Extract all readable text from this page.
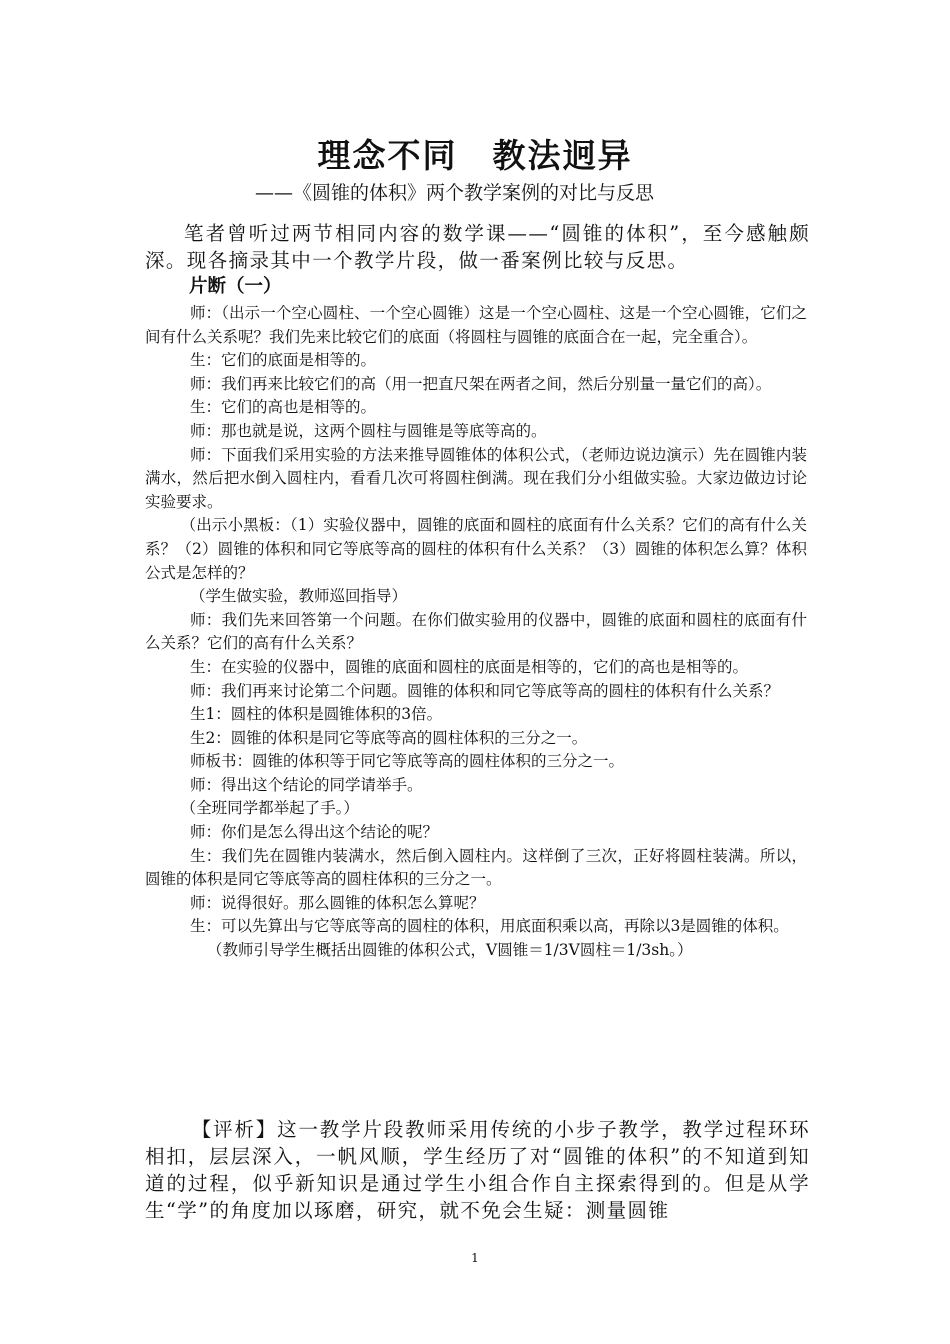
理念不同　教法迥异
——《圆锥的体积》两个教学案例的对比与反思
笔者曾听过两节相同内容的数学课——“圆锥的体积”，至今感触颇深。现各摘录其中一个教学片段，做一番案例比较与反思。
片断（一）

师：（出示一个空心圆柱、一个空心圆锥）这是一个空心圆柱、这是一个空心圆锥，它们之间有什么关系呢？我们先来比较它们的底面（将圆柱与圆锥的底面合在一起，完全重合）。

生：它们的底面是相等的。

师：我们再来比较它们的高（用一把直尺架在两者之间，然后分别量一量它们的高）。

生：它们的高也是相等的。

师：那也就是说，这两个圆柱与圆锥是等底等高的。

师：下面我们采用实验的方法来推导圆锥体的体积公式，（老师边说边演示）先在圆锥内装满水，然后把水倒入圆柱内，看看几次可将圆柱倒满。现在我们分小组做实验。大家边做边讨论实验要求。

（出示小黑板：（1）实验仪器中，圆锥的底面和圆柱的底面有什么关系？它们的高有什么关系？（2）圆锥的体积和同它等底等高的圆柱的体积有什么关系？（3）圆锥的体积怎么算？体积公式是怎样的？

（学生做实验，教师巡回指导）

师：我们先来回答第一个问题。在你们做实验用的仪器中，圆锥的底面和圆柱的底面有什么关系？它们的高有什么关系？

生：在实验的仪器中，圆锥的底面和圆柱的底面是相等的，它们的高也是相等的。

师：我们再来讨论第二个问题。圆锥的体积和同它等底等高的圆柱的体积有什么关系？

生1：圆柱的体积是圆锥体积的3倍。

生2：圆锥的体积是同它等底等高的圆柱体积的三分之一。

师板书：圆锥的体积等于同它等底等高的圆柱体积的三分之一。

师：得出这个结论的同学请举手。

（全班同学都举起了手。）

师：你们是怎么得出这个结论的呢？

生：我们先在圆锥内装满水，然后倒入圆柱内。这样倒了三次，正好将圆柱装满。所以，圆锥的体积是同它等底等高的圆柱体积的三分之一。

师：说得很好。那么圆锥的体积怎么算呢？

生：可以先算出与它等底等高的圆柱的体积，用底面积乘以高，再除以3是圆锥的体积。

（教师引导学生概括出圆锥的体积公式，V圆锥＝1/3V圆柱＝1/3sh。）

【评析】这一教学片段教师采用传统的小步子教学，教学过程环环相扣，层层深入，一帆风顺，学生经历了对“圆锥的体积”的不知道到知道的过程，似乎新知识是通过学生小组合作自主探索得到的。但是从学生“学”的角度加以琢磨，研究，就不免会生疑：测量圆锥
1
